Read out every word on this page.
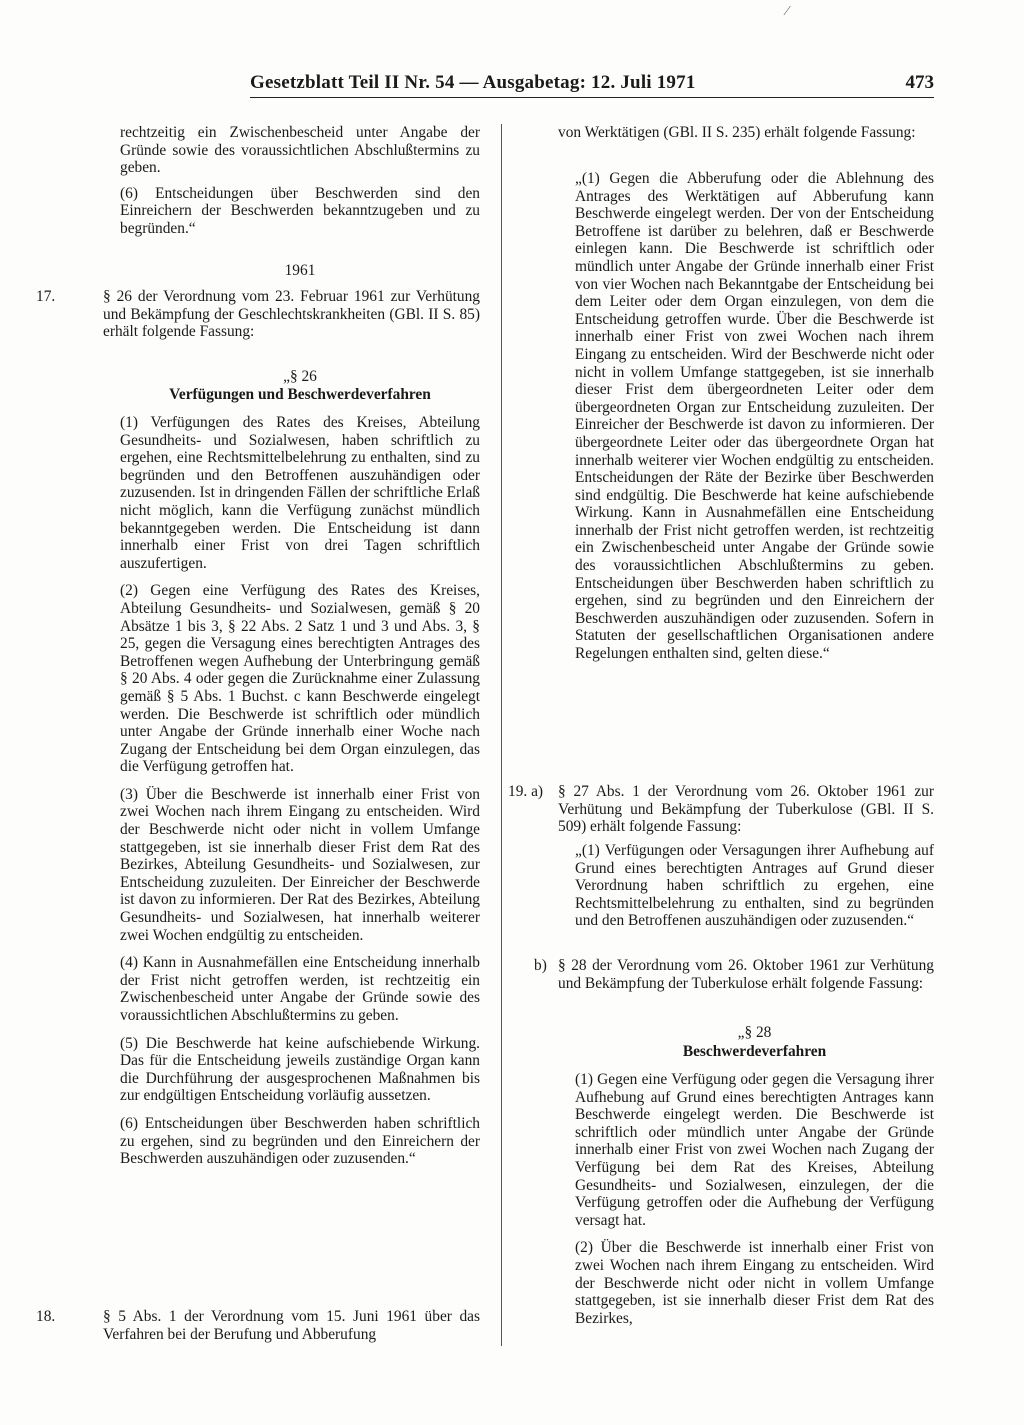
⁄
Gesetzblatt Teil II Nr. 54 — Ausgabetag: 12. Juli 1971	473

rechtzeitig ein Zwischenbescheid unter Angabe der Gründe sowie des voraussichtlichen Abschlußtermins zu geben.

(6) Entscheidungen über Beschwerden sind den Einreichern der Beschwerden bekanntzugeben und zu begründen.“

1961
17.	§ 26 der Verordnung vom 23. Februar 1961 zur Verhütung und Bekämpfung der Geschlechtskrankheiten (GBl. II S. 85) erhält folgende Fassung:
„§ 26
Verfügungen und Beschwerdeverfahren

(1) Verfügungen des Rates des Kreises, Abteilung Gesundheits- und Sozialwesen, haben schriftlich zu ergehen, eine Rechtsmittelbelehrung zu enthalten, sind zu begründen und den Betroffenen auszuhändigen oder zuzusenden. Ist in dringenden Fällen der schriftliche Erlaß nicht möglich, kann die Verfügung zunächst mündlich bekanntgegeben werden. Die Entscheidung ist dann innerhalb einer Frist von drei Tagen schriftlich auszufertigen.

(2) Gegen eine Verfügung des Rates des Kreises, Abteilung Gesundheits- und Sozialwesen, gemäß § 20 Absätze 1 bis 3, § 22 Abs. 2 Satz 1 und 3 und Abs. 3, § 25, gegen die Versagung eines berechtigten Antrages des Betroffenen wegen Aufhebung der Unterbringung gemäß § 20 Abs. 4 oder gegen die Zurücknahme einer Zulassung gemäß § 5 Abs. 1 Buchst. c kann Beschwerde eingelegt werden. Die Beschwerde ist schriftlich oder mündlich unter Angabe der Gründe innerhalb einer Woche nach Zugang der Entscheidung bei dem Organ einzulegen, das die Verfügung getroffen hat.

(3) Über die Beschwerde ist innerhalb einer Frist von zwei Wochen nach ihrem Eingang zu entscheiden. Wird der Beschwerde nicht oder nicht in vollem Umfange stattgegeben, ist sie innerhalb dieser Frist dem Rat des Bezirkes, Abteilung Gesundheits- und Sozialwesen, zur Entscheidung zuzuleiten. Der Einreicher der Beschwerde ist davon zu informieren. Der Rat des Bezirkes, Abteilung Gesundheits- und Sozialwesen, hat innerhalb weiterer zwei Wochen endgültig zu entscheiden.

(4) Kann in Ausnahmefällen eine Entscheidung innerhalb der Frist nicht getroffen werden, ist rechtzeitig ein Zwischenbescheid unter Angabe der Gründe sowie des voraussichtlichen Abschlußtermins zu geben.

(5) Die Beschwerde hat keine aufschiebende Wirkung. Das für die Entscheidung jeweils zuständige Organ kann die Durchführung der ausgesprochenen Maßnahmen bis zur endgültigen Entscheidung vorläufig aussetzen.

(6) Entscheidungen über Beschwerden haben schriftlich zu ergehen, sind zu begründen und den Einreichern der Beschwerden auszuhändigen oder zuzusenden.“

18.	§ 5 Abs. 1 der Verordnung vom 15. Juni 1961 über das Verfahren bei der Berufung und Abberufung
von Werktätigen (GBl. II S. 235) erhält folgende Fassung:
„(1) Gegen die Abberufung oder die Ablehnung des Antrages des Werktätigen auf Abberufung kann Beschwerde eingelegt werden. Der von der Entscheidung Betroffene ist darüber zu belehren, daß er Beschwerde einlegen kann. Die Beschwerde ist schriftlich oder mündlich unter Angabe der Gründe innerhalb einer Frist von vier Wochen nach Bekanntgabe der Entscheidung bei dem Leiter oder dem Organ einzulegen, von dem die Entscheidung getroffen wurde. Über die Beschwerde ist innerhalb einer Frist von zwei Wochen nach ihrem Eingang zu entscheiden. Wird der Beschwerde nicht oder nicht in vollem Umfange stattgegeben, ist sie innerhalb dieser Frist dem übergeordneten Leiter oder dem übergeordneten Organ zur Entscheidung zuzuleiten. Der Einreicher der Beschwerde ist davon zu informieren. Der übergeordnete Leiter oder das übergeordnete Organ hat innerhalb weiterer vier Wochen endgültig zu entscheiden. Entscheidungen der Räte der Bezirke über Beschwerden sind endgültig. Die Beschwerde hat keine aufschiebende Wirkung. Kann in Ausnahmefällen eine Entscheidung innerhalb der Frist nicht getroffen werden, ist rechtzeitig ein Zwischenbescheid unter Angabe der Gründe sowie des voraussichtlichen Abschlußtermins zu geben. Entscheidungen über Beschwerden haben schriftlich zu ergehen, sind zu begründen und den Einreichern der Beschwerden auszuhändigen oder zuzusenden. Sofern in Statuten der gesellschaftlichen Organisationen andere Regelungen enthalten sind, gelten diese.“
19. a) § 27 Abs. 1 der Verordnung vom 26. Oktober 1961 zur Verhütung und Bekämpfung der Tuberkulose (GBl. II S. 509) erhält folgende Fassung:
„(1) Verfügungen oder Versagungen ihrer Aufhebung auf Grund eines berechtigten Antrages auf Grund dieser Verordnung haben schriftlich zu ergehen, eine Rechtsmittelbelehrung zu enthalten, sind zu begründen und den Betroffenen auszuhändigen oder zuzusenden.“
b) § 28 der Verordnung vom 26. Oktober 1961 zur Verhütung und Bekämpfung der Tuberkulose erhält folgende Fassung:
„§ 28
Beschwerdeverfahren

(1) Gegen eine Verfügung oder gegen die Versagung ihrer Aufhebung auf Grund eines berechtigten Antrages kann Beschwerde eingelegt werden. Die Beschwerde ist schriftlich oder mündlich unter Angabe der Gründe innerhalb einer Frist von zwei Wochen nach Zugang der Verfügung bei dem Rat des Kreises, Abteilung Gesundheits- und Sozialwesen, einzulegen, der die Verfügung getroffen oder die Aufhebung der Verfügung versagt hat.

(2) Über die Beschwerde ist innerhalb einer Frist von zwei Wochen nach ihrem Eingang zu entscheiden. Wird der Beschwerde nicht oder nicht in vollem Umfange stattgegeben, ist sie innerhalb dieser Frist dem Rat des Bezirkes,
